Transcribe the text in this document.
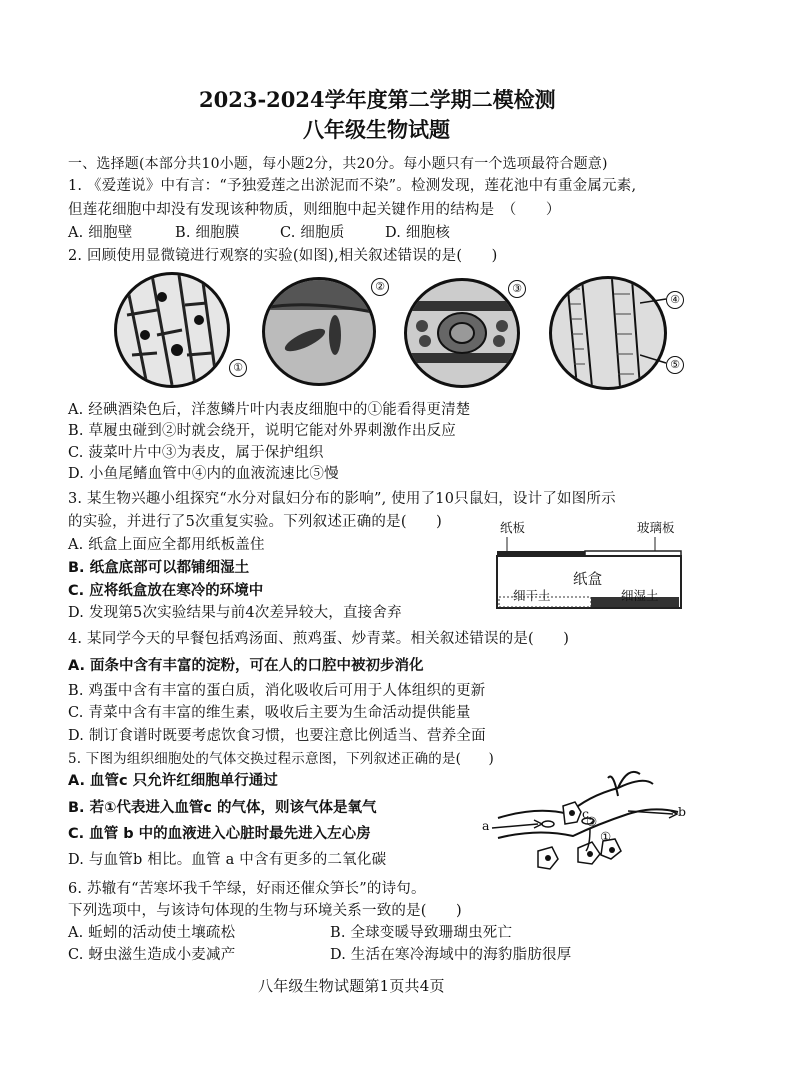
2023-2024学年度第二学期二模检测
八年级生物试题
一、选择题(本部分共10小题，每小题2分，共20分。每小题只有一个选项最符合题意)
1. 《爱莲说》中有言：“予独爱莲之出淤泥而不染”。检测发现，莲花池中有重金属元素,
但莲花细胞中却没有发现该种物质，则细胞中起关键作用的结构是　（　　）
A. 细胞壁	B. 细胞膜	C. 细胞质	D. 细胞核
2. 回顾使用显微镜进行观察的实验(如图),相关叙述错误的是(　　)
①
②	③
④
⑤
A. 经碘酒染色后，洋葱鳞片叶内表皮细胞中的①能看得更清楚
B. 草履虫碰到②时就会绕开，说明它能对外界刺激作出反应
C. 菠菜叶片中③为表皮，属于保护组织
D. 小鱼尾鳍血管中④内的血液流速比⑤慢
3. 某生物兴趣小组探究“水分对鼠妇分布的影响”, 使用了10只鼠妇，设计了如图所示
的实验，并进行了5次重复实验。下列叙述正确的是(　　)
A. 纸盒上面应全都用纸板盖住
B. 纸盒底部可以都铺细湿土
C. 应将纸盒放在寒冷的环境中
D. 发现第5次实验结果与前4次差异较大，直接舍弃
纸板	玻璃板
纸盒
细干土	细湿土
4. 某同学今天的早餐包括鸡汤面、煎鸡蛋、炒青菜。相关叙述错误的是(　　)
A. 面条中含有丰富的淀粉，可在人的口腔中被初步消化
B. 鸡蛋中含有丰富的蛋白质，消化吸收后可用于人体组织的更新
C. 青菜中含有丰富的维生素，吸收后主要为生命活动提供能量
D. 制订食谱时既要考虑饮食习惯，也要注意比例适当、营养全面
5. 下图为组织细胞处的气体交换过程示意图，下列叙述正确的是(　　)
A. 血管c 只允许红细胞单行通过
B. 若①代表进入血管c 的气体，则该气体是氧气
C. 血管 b 中的血液进入心脏时最先进入左心房
D. 与血管b 相比。血管 a 中含有更多的二氧化碳
a
b
c
①
②
6. 苏辙有“苦寒坏我千竿绿，好雨还催众笋长”的诗句。
下列选项中，与该诗句体现的生物与环境关系一致的是(　　)
A. 蚯蚓的活动使土壤疏松	B. 全球变暖导致珊瑚虫死亡
C. 蚜虫滋生造成小麦减产	D. 生活在寒冷海域中的海豹脂肪很厚
八年级生物试题第1页共4页
